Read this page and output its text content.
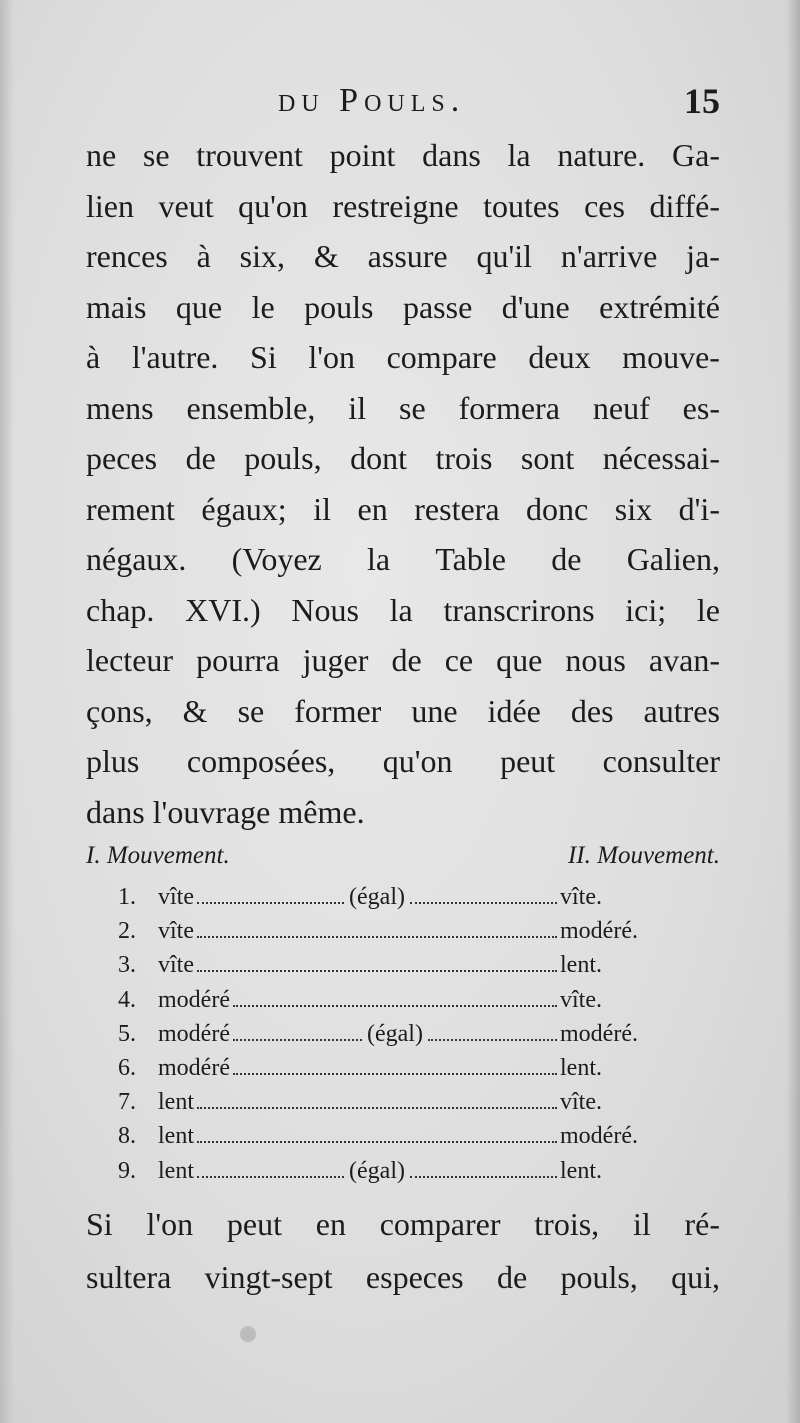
du Pouls.	15
ne se trouvent point dans la nature. Ga-
lien veut qu'on restreigne toutes ces diffé-
rences à six, & assure qu'il n'arrive ja-
mais que le pouls passe d'une extrémité
à l'autre. Si l'on compare deux mouve-
mens ensemble, il se formera neuf es-
peces de pouls, dont trois sont nécessai-
rement égaux; il en restera donc six d'i-
négaux. (Voyez la Table de Galien,
chap. XVI.) Nous la transcrirons ici; le
lecteur pourra juger de ce que nous avan-
çons, & se former une idée des autres
plus composées, qu'on peut consulter
dans
l'ouvrage
même.
I. Mouvement.	II. Mouvement.
1. vîte	(égal)	vîte.
2. vîte	modéré.
3. vîte	lent.
4. modéré	vîte.
5. modéré	(égal)	modéré.
6. modéré	lent.
7. lent	vîte.
8. lent	modéré.
9. lent	(égal)	lent.
Si l'on peut en comparer trois, il ré-
sultera vingt-sept especes de pouls, qui,
